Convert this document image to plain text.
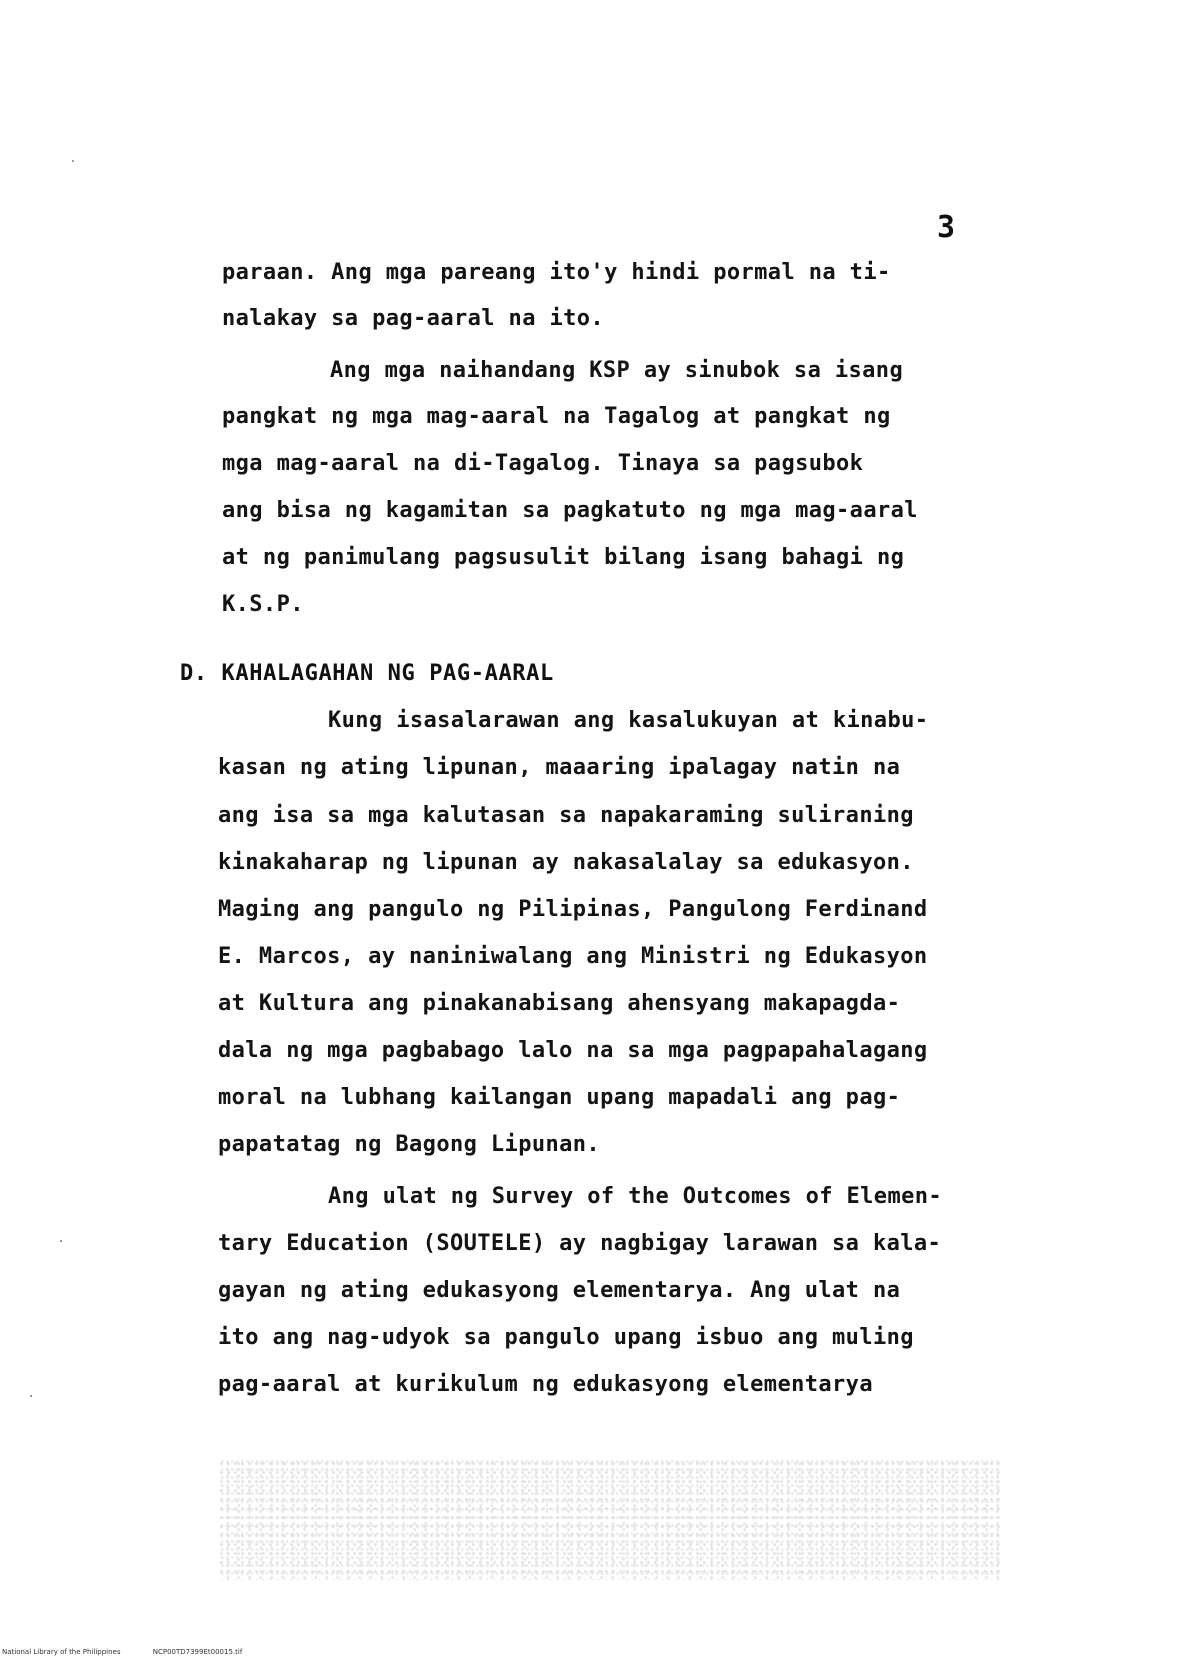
3
paraan. Ang mga pareang ito'y hindi pormal na ti-
nalakay sa pag-aaral na ito.
Ang mga naihandang KSP ay sinubok sa isang
pangkat ng mga mag-aaral na Tagalog at pangkat ng
mga mag-aaral na di-Tagalog. Tinaya sa pagsubok
ang bisa ng kagamitan sa pagkatuto ng mga mag-aaral
at ng panimulang pagsusulit bilang isang bahagi ng
K.S.P.
D. KAHALAGAHAN NG PAG-AARAL
Kung isasalarawan ang kasalukuyan at kinabu-
kasan ng ating lipunan, maaaring ipalagay natin na
ang isa sa mga kalutasan sa napakaraming suliraning
kinakaharap ng lipunan ay nakasalalay sa edukasyon.
Maging ang pangulo ng Pilipinas, Pangulong Ferdinand
E. Marcos, ay naniniwalang ang Ministri ng Edukasyon
at Kultura ang pinakanabisang ahensyang makapagda-
dala ng mga pagbabago lalo na sa mga pagpapahalagang
moral na lubhang kailangan upang mapadali ang pag-
papatatag ng Bagong Lipunan.
Ang ulat ng Survey of the Outcomes of Elemen-
tary Education (SOUTELE) ay nagbigay larawan sa kala-
gayan ng ating edukasyong elementarya. Ang ulat na
ito ang nag-udyok sa pangulo upang isbuo ang muling
pag-aaral at kurikulum ng edukasyong elementarya
National Library of the Philippines	NCP00TD7399Et00015.tif
